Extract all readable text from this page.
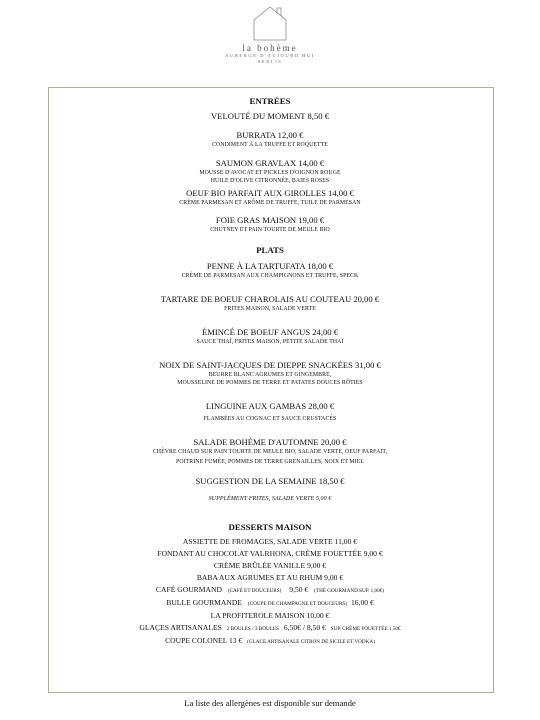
la bohème
AUBERGE D'AUJOURD'HUI
SENLIS
ENTRÉES
VELOUTÉ DU MOMENT 8,50 €
BURRATA 12,00 €
CONDIMENT À LA TRUFFE ET ROQUETTE
SAUMON GRAVLAX 14,00 €
MOUSSE D'AVOCAT ET PICKLES D'OIGNON ROUGE
HUILE D'OLIVE CITRONNÉE, BAIES ROSES
OEUF BIO PARFAIT AUX GIROLLES 14,00 €
CRÈME PARMESAN ET ARÔME DE TRUFFE, TUILE DE PARMESAN
FOIE GRAS MAISON 19,00 €
CHUTNEY ET PAIN TOURTE DE MEULE BIO
PLATS
PENNE À LA TARTUFATA 18,00 €
CRÈME DE PARMESAN AUX CHAMPIGNONS ET TRUFFE, SPECK
TARTARE DE BOEUF CHAROLAIS AU COUTEAU 20,00 €
FRITES MAISON, SALADE VERTE
ÉMINCÉ DE BOEUF ANGUS 24,00 €
SAUCE THAÏ, FRITES MAISON, PETITE SALADE THAÏ
NOIX DE SAINT-JACQUES DE DIEPPE SNACKÉES 31,00 €
BEURRE BLANC AGRUMES ET GINGEMBRE,
MOUSSELINE DE POMMES DE TERRE ET PATATES DOUCES RÔTIES
LINGUINE AUX GAMBAS 28,00 €
FLAMBÉES AU COGNAC ET SAUCE CRUSTACÉS
SALADE BOHÈME D'AUTOMNE 20,00 €
CHÈVRE CHAUD SUR PAIN TOURTE DE MEULE BIO, SALADE VERTE, OEUF PARFAIT,
POITRINE FUMÉE, POMMES DE TERRE GRENAILLES, NOIX ET MIEL
SUGGESTION DE LA SEMAINE 18,50 €
SUPPLÉMENT FRITES, SALADE VERTE 5,00 €
DESSERTS MAISON
ASSIETTE DE FROMAGES, SALADE VERTE 11,00 €
FONDANT AU CHOCOLAT VALRHONA, CRÈME FOUETTÉE 9,00 €
CRÈME BRÛLÉE VANILLE 9,00 €
BABA AUX AGRUMES ET AU RHUM 9,00 €
CAFÉ GOURMAND (CAFÉ ET DOUCEURS) 9,50 € (THÉ GOURMAND SUP. 1,00€)
BULLE GOURMANDE (COUPE DE CHAMPAGNE ET DOUCEURS) 16,00 €
LA PROFITEROLE MAISON 10,00 €
GLAÇES ARTISANALES 2 BOULES / 3 BOULES 6,50€ / 8,50 € SUP. CRÈME FOUETTÉE 1,50€
COUPE COLONEL 13 € (GLACE ARTISANALE CITRON DE SICILE ET VODKA)
La liste des allergènes est disponible sur demande
